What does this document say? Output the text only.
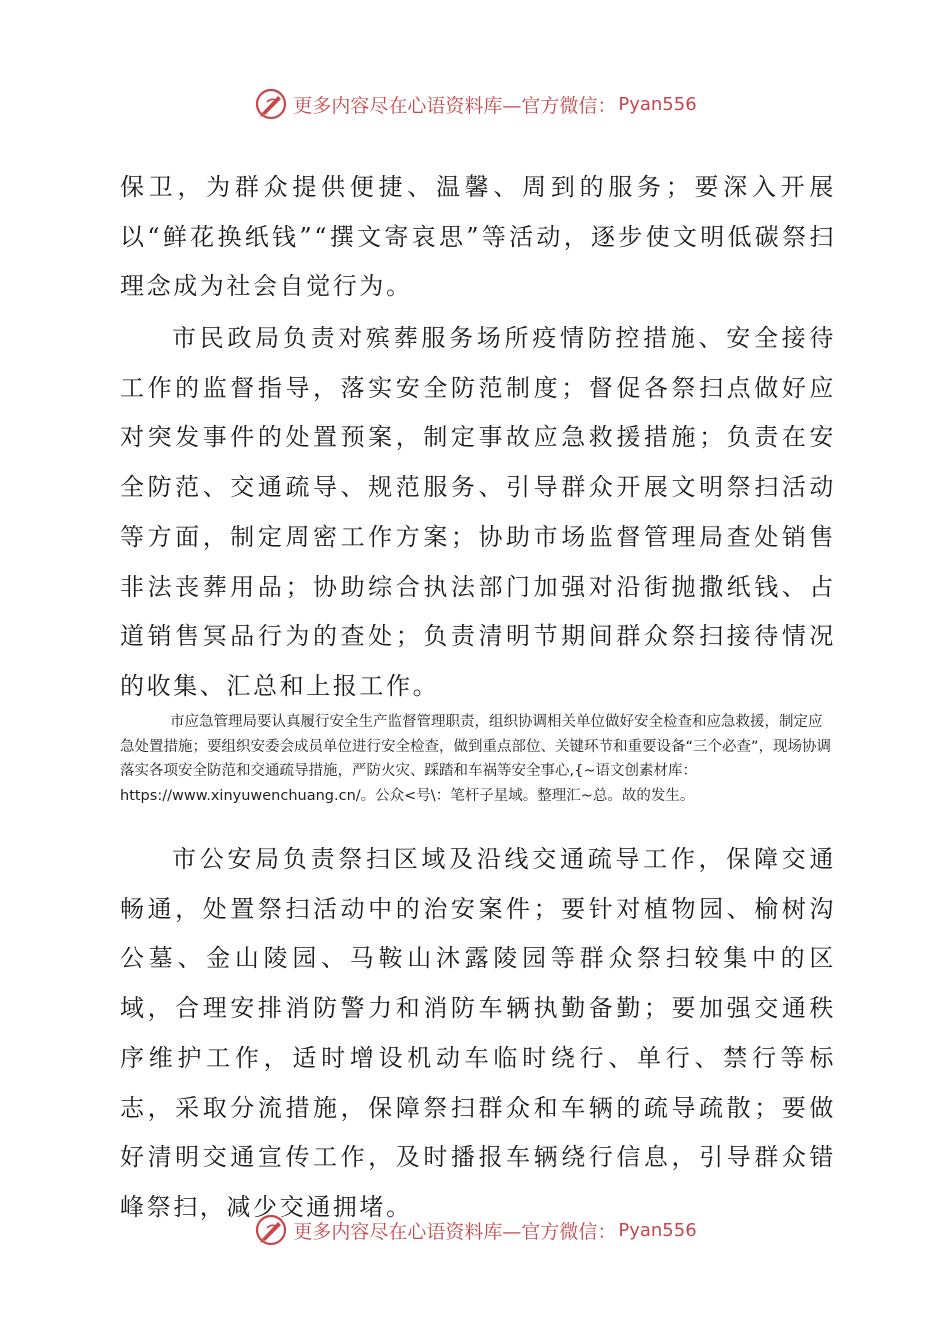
更多内容尽在心语资料库—官方微信： Pyan556

保卫，为群众提供便捷、温馨、周到的服务；要深入开展以“鲜花换纸钱”“撰文寄哀思”等活动，逐步使文明低碳祭扫理念成为社会自觉行为。

市民政局负责对殡葬服务场所疫情防控措施、安全接待工作的监督指导，落实安全防范制度；督促各祭扫点做好应对突发事件的处置预案，制定事故应急救援措施；负责在安全防范、交通疏导、规范服务、引导群众开展文明祭扫活动等方面，制定周密工作方案；协助市场监督管理局查处销售非法丧葬用品；协助综合执法部门加强对沿街抛撒纸钱、占道销售冥品行为的查处；负责清明节期间群众祭扫接待情况的收集、汇总和上报工作。

市应急管理局要认真履行安全生产监督管理职责，组织协调相关单位做好安全检查和应急救援，制定应急处置措施；要组织安委会成员单位进行安全检查，做到重点部位、关键环节和重要设备“三个必查”，现场协调落实各项安全防范和交通疏导措施，严防火灾、踩踏和车祸等安全事心,{~语文创素材库：https://www.xinyuwenchuang.cn/。公众<号\：笔杆子星域。整理汇~总。故的发生。

市公安局负责祭扫区域及沿线交通疏导工作，保障交通畅通，处置祭扫活动中的治安案件；要针对植物园、榆树沟公墓、金山陵园、马鞍山沐露陵园等群众祭扫较集中的区域，合理安排消防警力和消防车辆执勤备勤；要加强交通秩序维护工作，适时增设机动车临时绕行、单行、禁行等标志，采取分流措施，保障祭扫群众和车辆的疏导疏散；要做好清明交通宣传工作，及时播报车辆绕行信息，引导群众错峰祭扫，减少交通拥堵。

更多内容尽在心语资料库—官方微信： Pyan556
